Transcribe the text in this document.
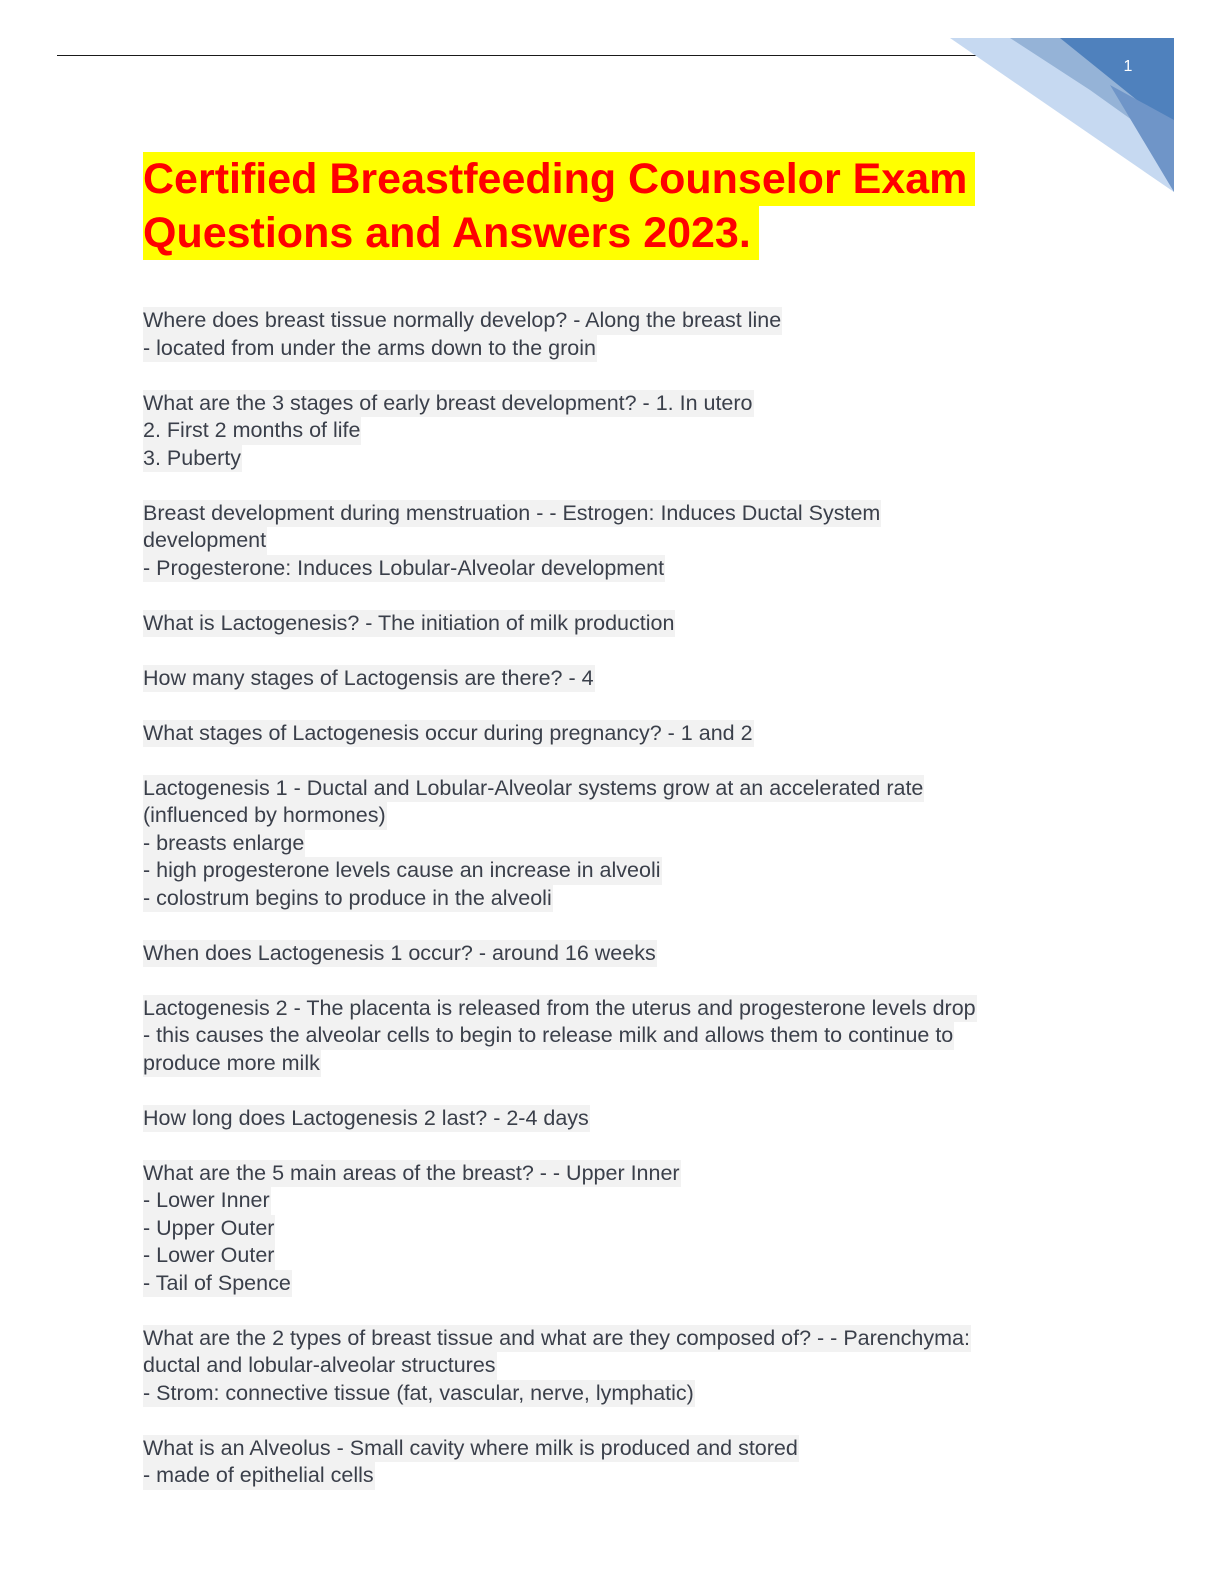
1
Certified Breastfeeding Counselor Exam
Questions and Answers 2023.
Where does breast tissue normally develop? - Along the breast line
- located from under the arms down to the groin
What are the 3 stages of early breast development? - 1. In utero
2. First 2 months of life
3. Puberty
Breast development during menstruation - - Estrogen: Induces Ductal System
development
- Progesterone: Induces Lobular-Alveolar development
What is Lactogenesis? - The initiation of milk production
How many stages of Lactogensis are there? - 4
What stages of Lactogenesis occur during pregnancy? - 1 and 2
Lactogenesis 1 - Ductal and Lobular-Alveolar systems grow at an accelerated rate
(influenced by hormones)
- breasts enlarge
- high progesterone levels cause an increase in alveoli
- colostrum begins to produce in the alveoli
When does Lactogenesis 1 occur? - around 16 weeks
Lactogenesis 2 - The placenta is released from the uterus and progesterone levels drop
- this causes the alveolar cells to begin to release milk and allows them to continue to
produce more milk
How long does Lactogenesis 2 last? - 2-4 days
What are the 5 main areas of the breast? - - Upper Inner
- Lower Inner
- Upper Outer
- Lower Outer
- Tail of Spence
What are the 2 types of breast tissue and what are they composed of? - - Parenchyma:
ductal and lobular-alveolar structures
- Strom: connective tissue (fat, vascular, nerve, lymphatic)
What is an Alveolus - Small cavity where milk is produced and stored
- made of epithelial cells
